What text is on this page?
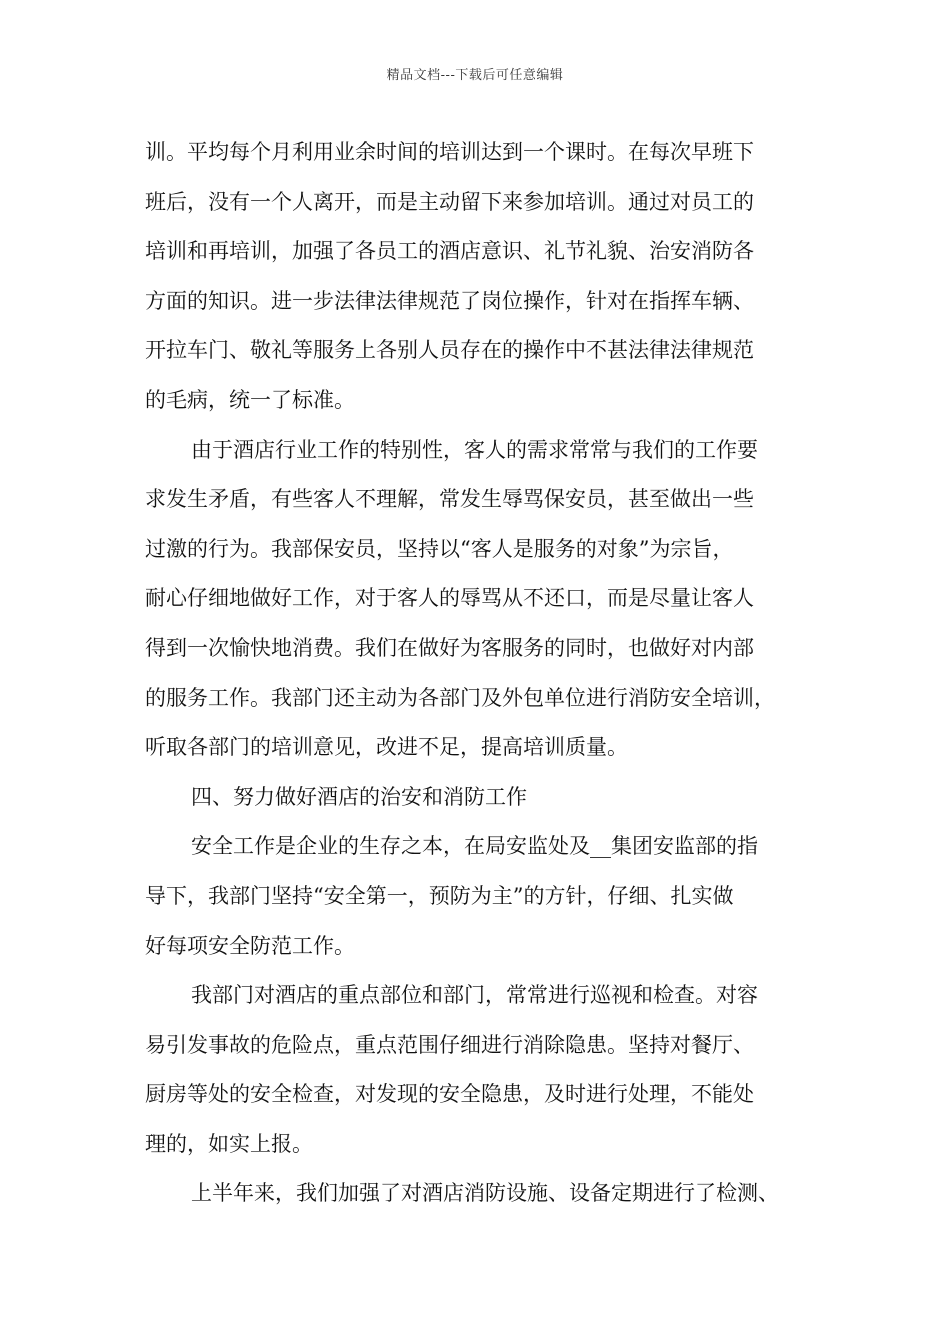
精品文档---下载后可任意编辑
训。平均每个月利用业余时间的培训达到一个课时。在每次早班下
班后，没有一个人离开，而是主动留下来参加培训。通过对员工的
培训和再培训，加强了各员工的酒店意识、礼节礼貌、治安消防各
方面的知识。进一步法律法律规范了岗位操作，针对在指挥车辆、
开拉车门、敬礼等服务上各别人员存在的操作中不甚法律法律规范
的毛病，统一了标准。
由于酒店行业工作的特别性，客人的需求常常与我们的工作要
求发生矛盾，有些客人不理解，常发生辱骂保安员，甚至做出一些
过激的行为。我部保安员，坚持以“客人是服务的对象”为宗旨，
耐心仔细地做好工作，对于客人的辱骂从不还口，而是尽量让客人
得到一次愉快地消费。我们在做好为客服务的同时，也做好对内部
的服务工作。我部门还主动为各部门及外包单位进行消防安全培训，
听取各部门的培训意见，改进不足，提高培训质量。
四、努力做好酒店的治安和消防工作
安全工作是企业的生存之本，在局安监处及__集团安监部的指
导下，我部门坚持“安全第一，预防为主”的方针，仔细、扎实做
好每项安全防范工作。
我部门对酒店的重点部位和部门，常常进行巡视和检查。对容
易引发事故的危险点，重点范围仔细进行消除隐患。坚持对餐厅、
厨房等处的安全检查，对发现的安全隐患，及时进行处理，不能处
理的，如实上报。
上半年来，我们加强了对酒店消防设施、设备定期进行了检测、
